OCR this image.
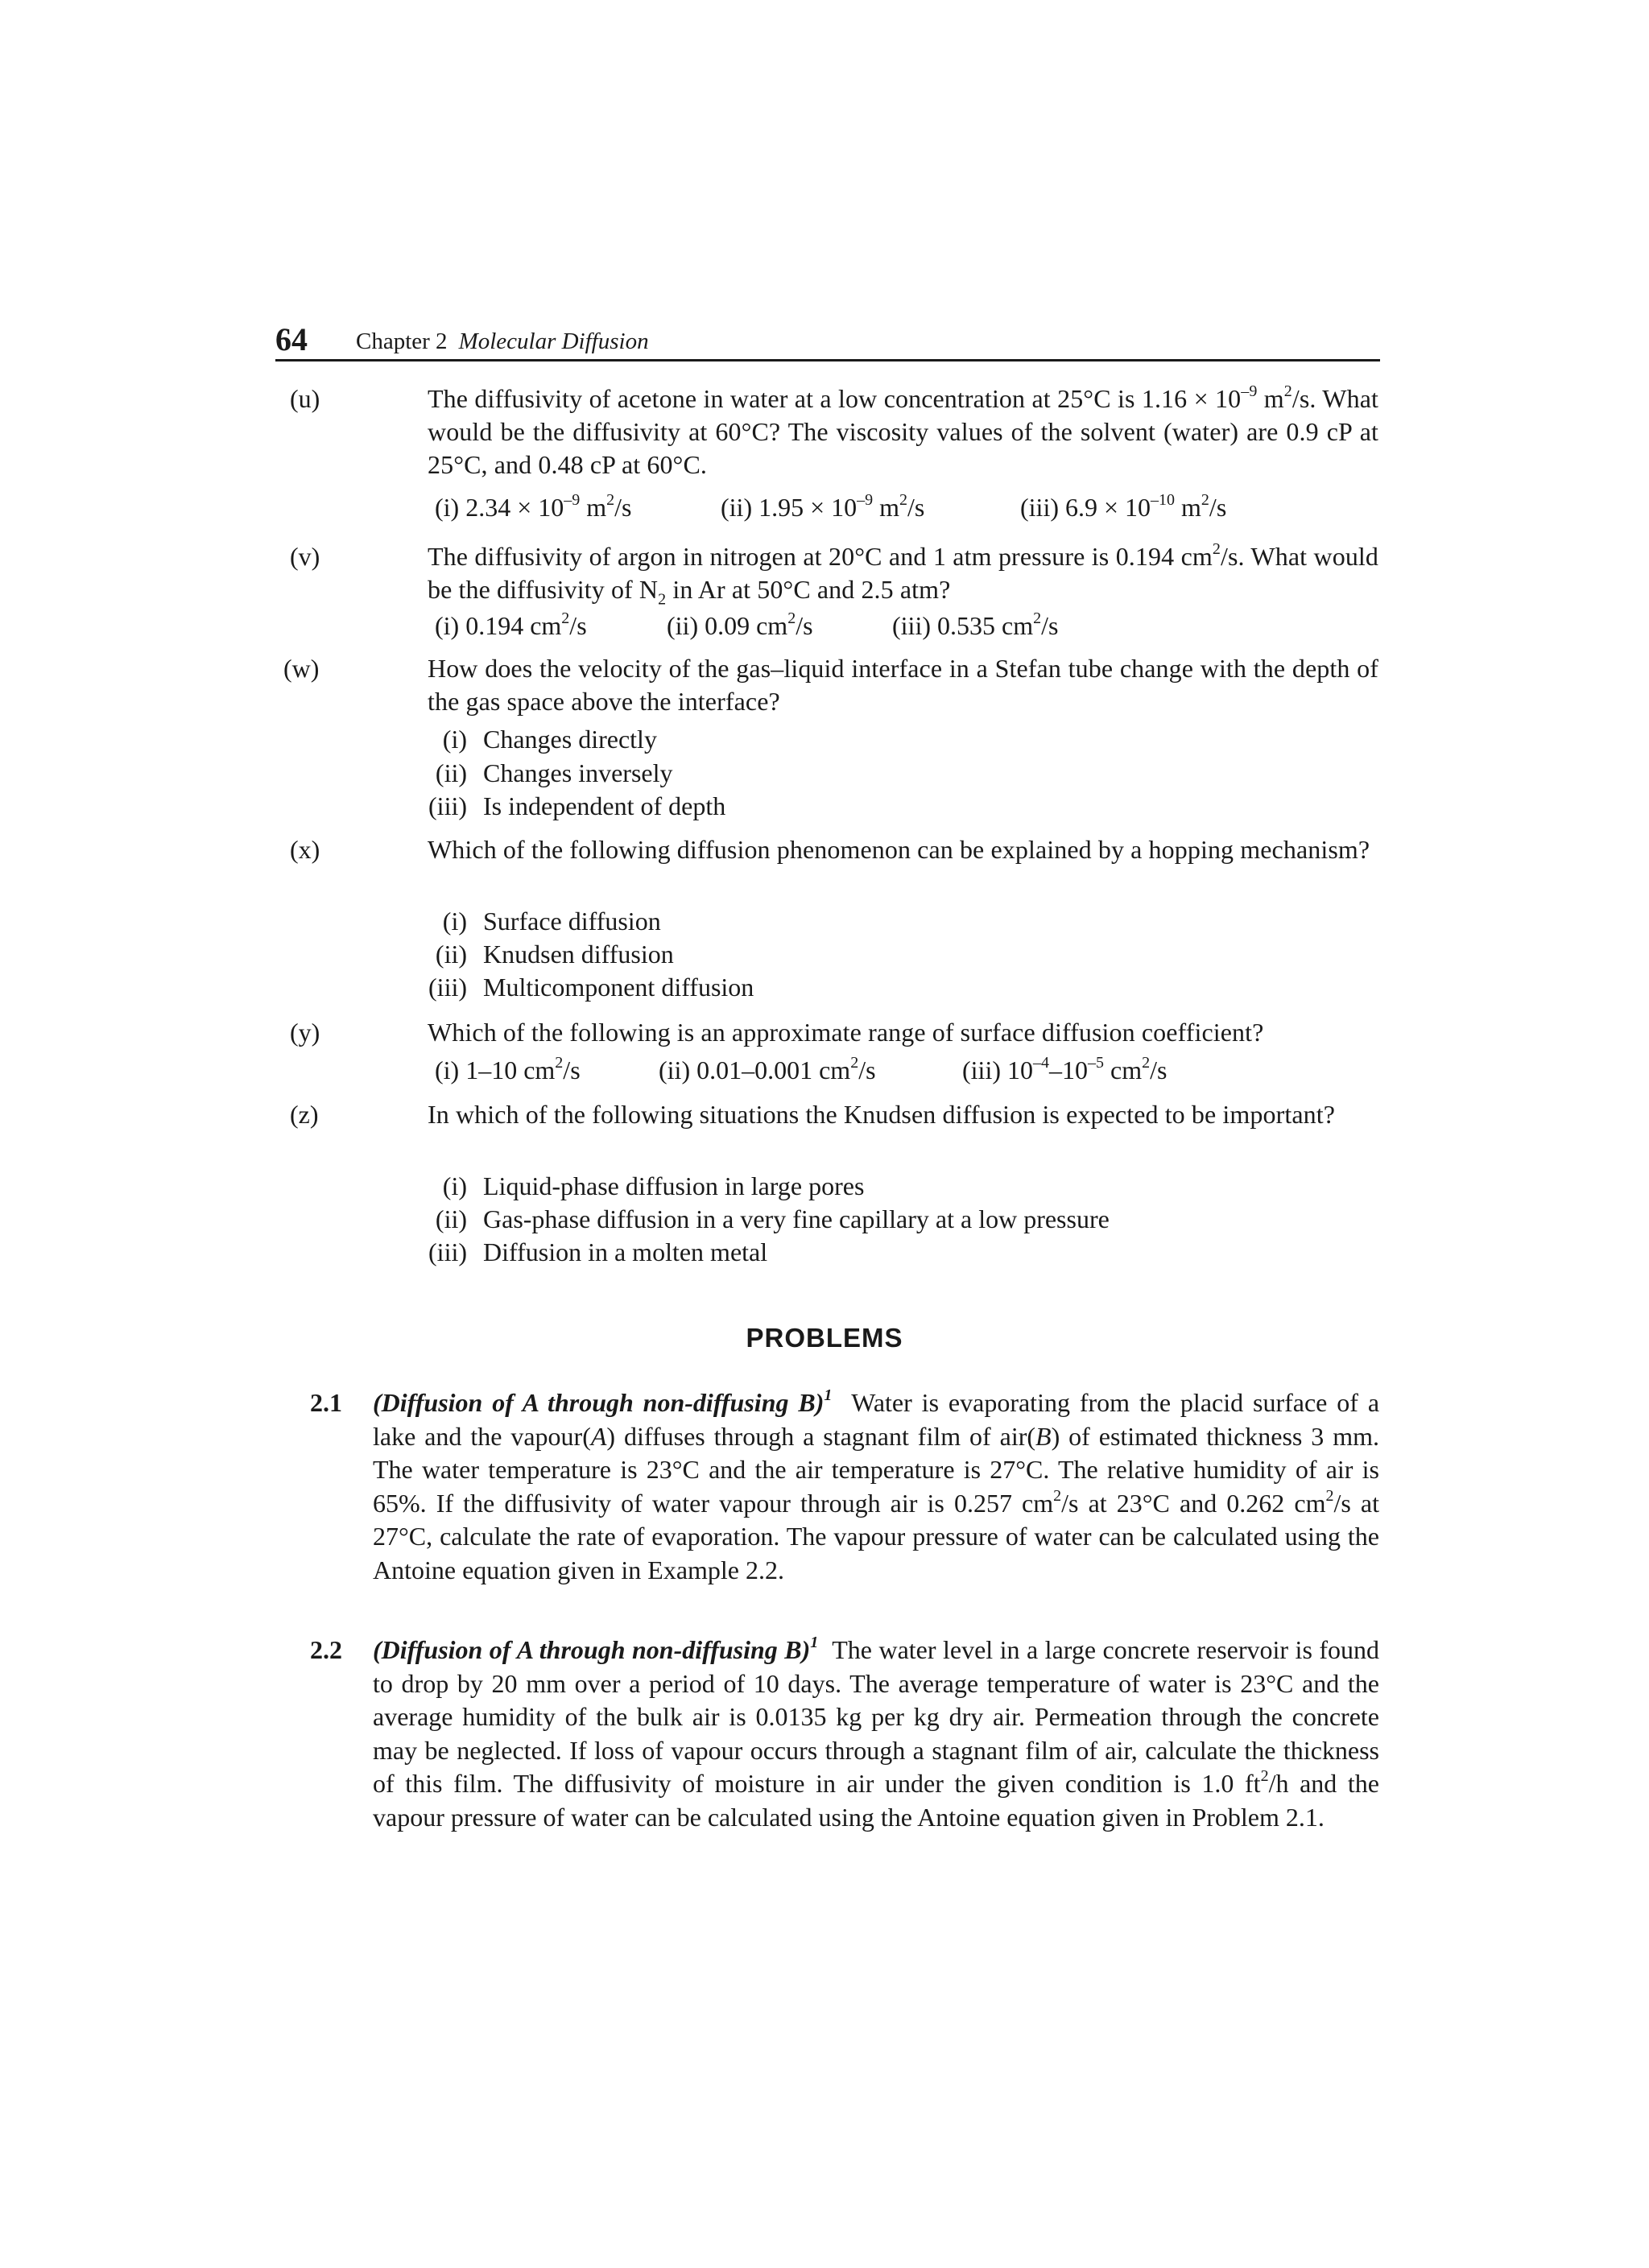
64 Chapter 2 Molecular Diffusion
(u)	The diffusivity of acetone in water at a low concentration at 25°C is $1.16 \times 10^{-9}$ $m^2/s$. What would be the diffusivity at 60°C? The viscosity values of the solvent (water) are 0.9 cP at 25°C, and 0.48 cP at 60°C.
(i) $2.34 \times 10^{-9}$ $m^2/s$	(ii) $1.95 \times 10^{-9}$ $m^2/s$	(iii) $6.9 \times 10^{-10}$ $m^2/s$
(v)	The diffusivity of argon in nitrogen at 20°C and 1 atm pressure is 0.194 $cm^2/s$. What would be the diffusivity of $N_2$ in Ar at 50°C and 2.5 atm?
(i) 0.194 $cm^2/s$	(ii) 0.09 $cm^2/s$	(iii) 0.535 $cm^2/s$
(w)	How does the velocity of the gas–liquid interface in a Stefan tube change with the depth of the gas space above the interface?
(i) Changes directly
(ii) Changes inversely
(iii) Is independent of depth
(x)	Which of the following diffusion phenomenon can be explained by a hopping mechanism?
(i) Surface diffusion
(ii) Knudsen diffusion
(iii) Multicomponent diffusion
(y)	Which of the following is an approximate range of surface diffusion coefficient?
(i) 1–10 $cm^2/s$	(ii) 0.01–0.001 $cm^2/s$	(iii) $10^{-4}-10^{-5}$ $cm^2/s$
(z)	In which of the following situations the Knudsen diffusion is expected to be important?
(i) Liquid-phase diffusion in large pores
(ii) Gas-phase diffusion in a very fine capillary at a low pressure
(iii) Diffusion in a molten metal
PROBLEMS
2.1 (Diffusion of A through non-diffusing B)$^1$ Water is evaporating from the placid surface of a lake and the vapour(A) diffuses through a stagnant film of air(B) of estimated thickness 3 mm. The water temperature is 23°C and the air temperature is 27°C. The relative humidity of air is 65%. If the diffusivity of water vapour through air is 0.257 $cm^2/s$ at 23°C and 0.262 $cm^2/s$ at 27°C, calculate the rate of evaporation. The vapour pressure of water can be calculated using the Antoine equation given in Example 2.2.
2.2 (Diffusion of A through non-diffusing B)$^1$ The water level in a large concrete reservoir is found to drop by 20 mm over a period of 10 days. The average temperature of water is 23°C and the average humidity of the bulk air is 0.0135 kg per kg dry air. Permeation through the concrete may be neglected. If loss of vapour occurs through a stagnant film of air, calculate the thickness of this film. The diffusivity of moisture in air under the given condition is 1.0 $ft^2/h$ and the vapour pressure of water can be calculated using the Antoine equation given in Problem 2.1.
